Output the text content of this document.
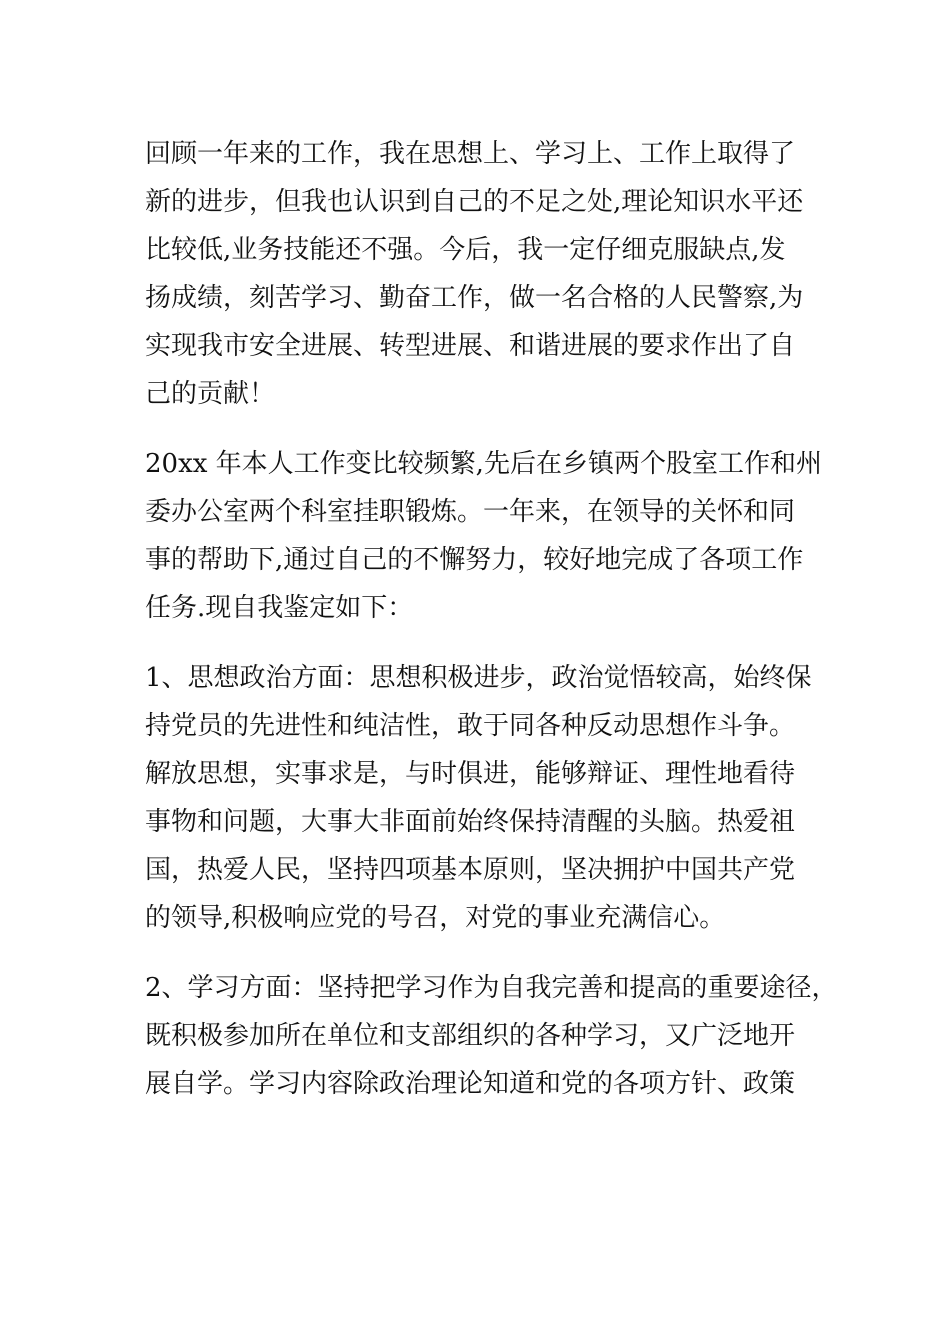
回顾一年来的工作，我在思想上、学习上、工作上取得了
新的进步，但我也认识到自己的不足之处,理论知识水平还
比较低,业务技能还不强。今后，我一定仔细克服缺点,发
扬成绩，刻苦学习、勤奋工作，做一名合格的人民警察,为
实现我市安全进展、转型进展、和谐进展的要求作出了自
己的贡献！

20xx 年本人工作变比较频繁,先后在乡镇两个股室工作和州
委办公室两个科室挂职锻炼。一年来，在领导的关怀和同
事的帮助下,通过自己的不懈努力，较好地完成了各项工作
任务.现自我鉴定如下：

1、思想政治方面：思想积极进步，政治觉悟较高，始终保
持党员的先进性和纯洁性，敢于同各种反动思想作斗争。
解放思想，实事求是，与时俱进，能够辩证、理性地看待
事物和问题，大事大非面前始终保持清醒的头脑。热爱祖
国，热爱人民，坚持四项基本原则，坚决拥护中国共产党
的领导,积极响应党的号召，对党的事业充满信心。

2、学习方面：坚持把学习作为自我完善和提高的重要途径，
既积极参加所在单位和支部组织的各种学习，又广泛地开
展自学。学习内容除政治理论知道和党的各项方针、政策
